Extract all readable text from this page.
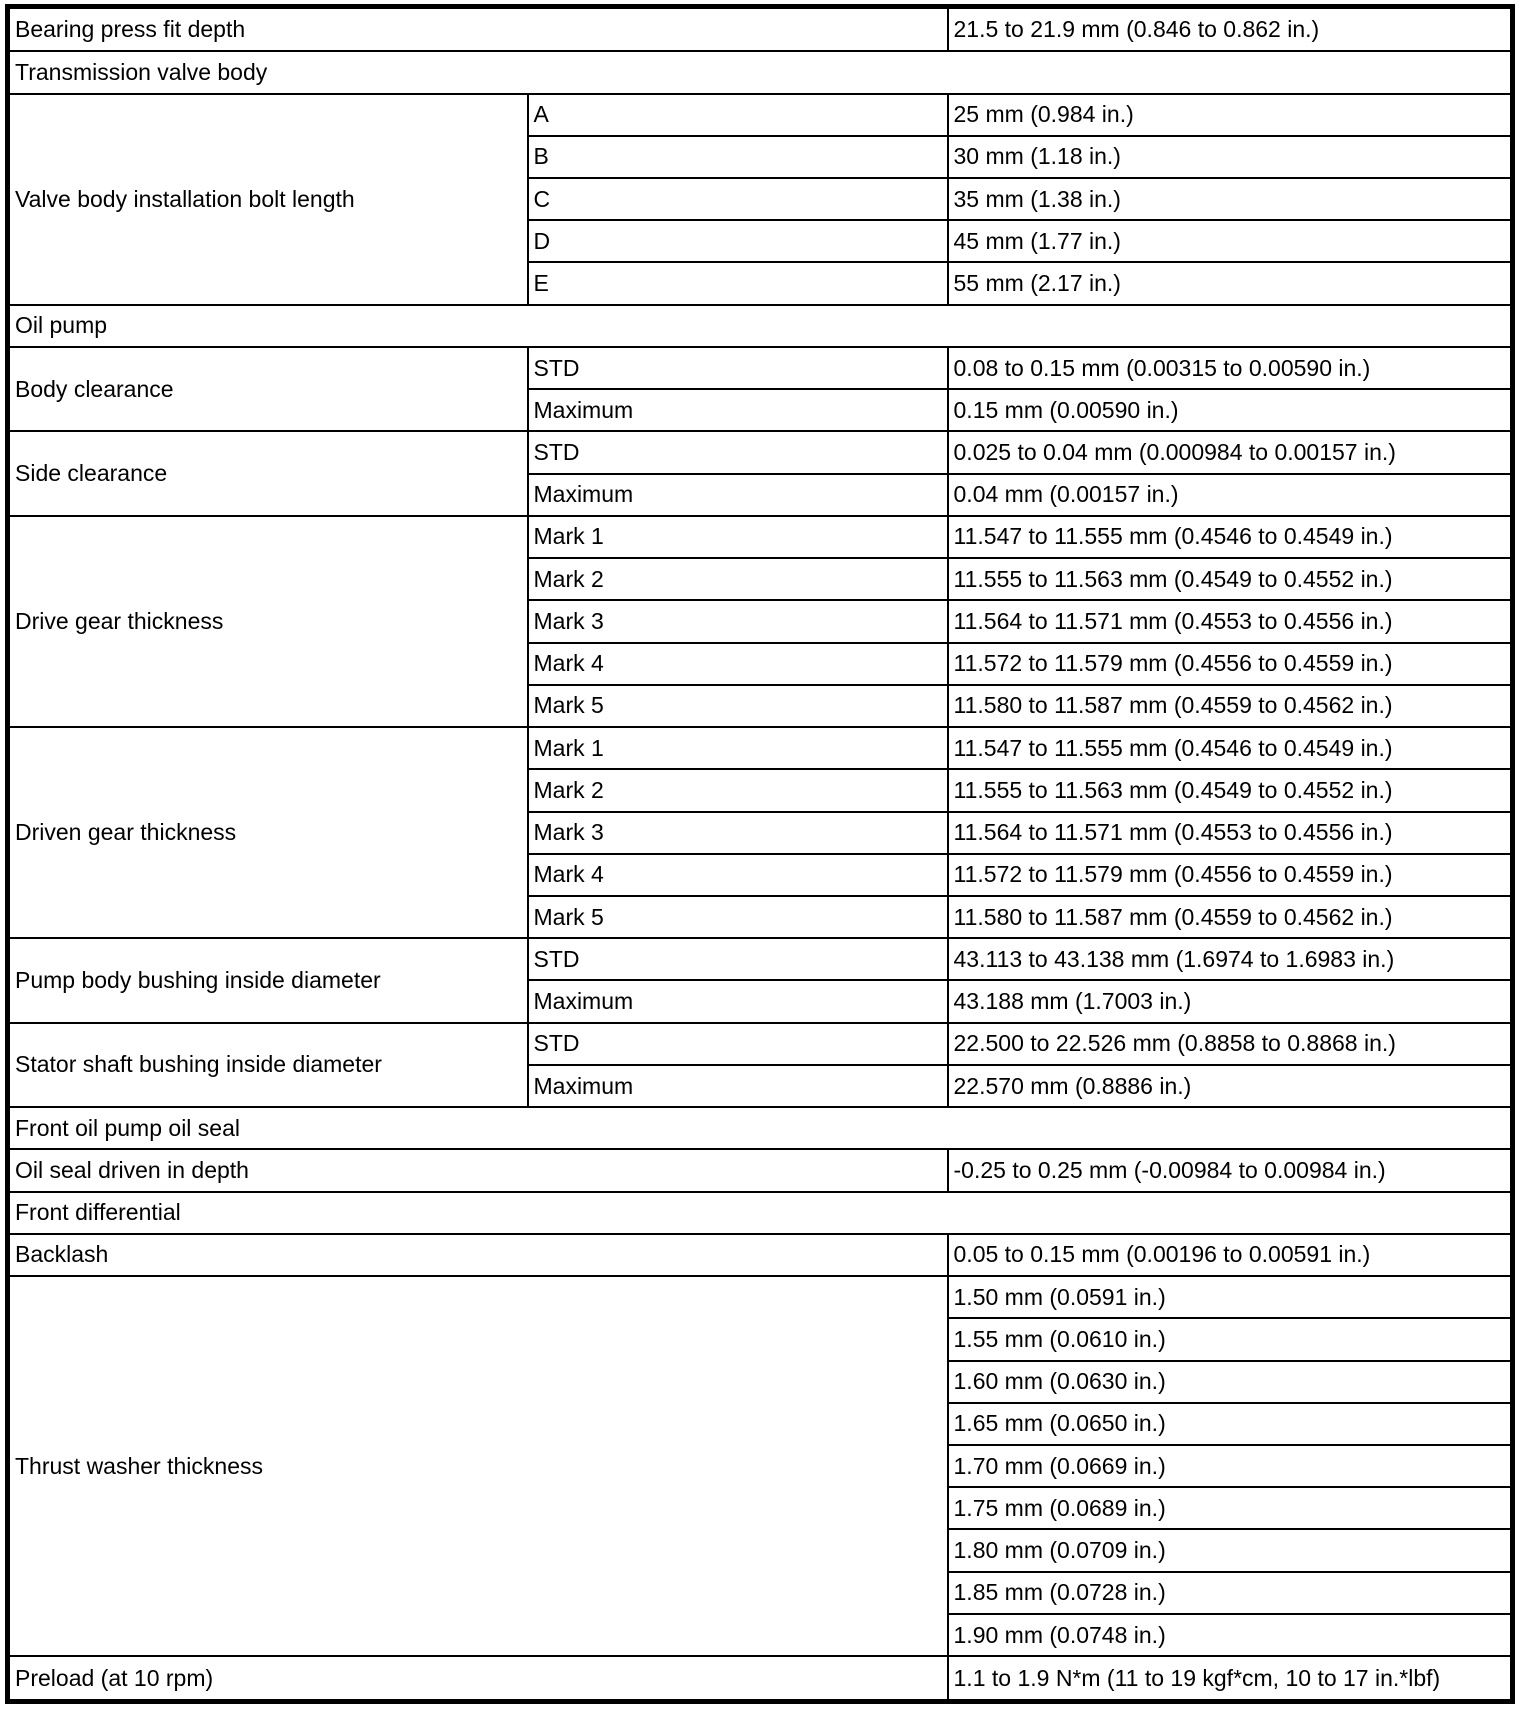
Bearing press fit depth		21.5 to 21.9 mm (0.846 to 0.862 in.)
Transmission valve body		
Valve body installation bolt length	A	25 mm (0.984 in.)
	B	30 mm (1.18 in.)
	C	35 mm (1.38 in.)
	D	45 mm (1.77 in.)
	E	55 mm (2.17 in.)
Oil pump		
Body clearance	STD	0.08 to 0.15 mm (0.00315 to 0.00590 in.)
	Maximum	0.15 mm (0.00590 in.)
Side clearance	STD	0.025 to 0.04 mm (0.000984 to 0.00157 in.)
	Maximum	0.04 mm (0.00157 in.)
Drive gear thickness	Mark 1	11.547 to 11.555 mm (0.4546 to 0.4549 in.)
	Mark 2	11.555 to 11.563 mm (0.4549 to 0.4552 in.)
	Mark 3	11.564 to 11.571 mm (0.4553 to 0.4556 in.)
	Mark 4	11.572 to 11.579 mm (0.4556 to 0.4559 in.)
	Mark 5	11.580 to 11.587 mm (0.4559 to 0.4562 in.)
Driven gear thickness	Mark 1	11.547 to 11.555 mm (0.4546 to 0.4549 in.)
	Mark 2	11.555 to 11.563 mm (0.4549 to 0.4552 in.)
	Mark 3	11.564 to 11.571 mm (0.4553 to 0.4556 in.)
	Mark 4	11.572 to 11.579 mm (0.4556 to 0.4559 in.)
	Mark 5	11.580 to 11.587 mm (0.4559 to 0.4562 in.)
Pump body bushing inside diameter	STD	43.113 to 43.138 mm (1.6974 to 1.6983 in.)
	Maximum	43.188 mm (1.7003 in.)
Stator shaft bushing inside diameter	STD	22.500 to 22.526 mm (0.8858 to 0.8868 in.)
	Maximum	22.570 mm (0.8886 in.)
Front oil pump oil seal		
Oil seal driven in depth		-0.25 to 0.25 mm (-0.00984 to 0.00984 in.)
Front differential		
Backlash		0.05 to 0.15 mm (0.00196 to 0.00591 in.)
Thrust washer thickness		1.50 mm (0.0591 in.)
		1.55 mm (0.0610 in.)
		1.60 mm (0.0630 in.)
		1.65 mm (0.0650 in.)
		1.70 mm (0.0669 in.)
		1.75 mm (0.0689 in.)
		1.80 mm (0.0709 in.)
		1.85 mm (0.0728 in.)
		1.90 mm (0.0748 in.)
Preload (at 10 rpm)		1.1 to 1.9 N*m (11 to 19 kgf*cm, 10 to 17 in.*lbf)
